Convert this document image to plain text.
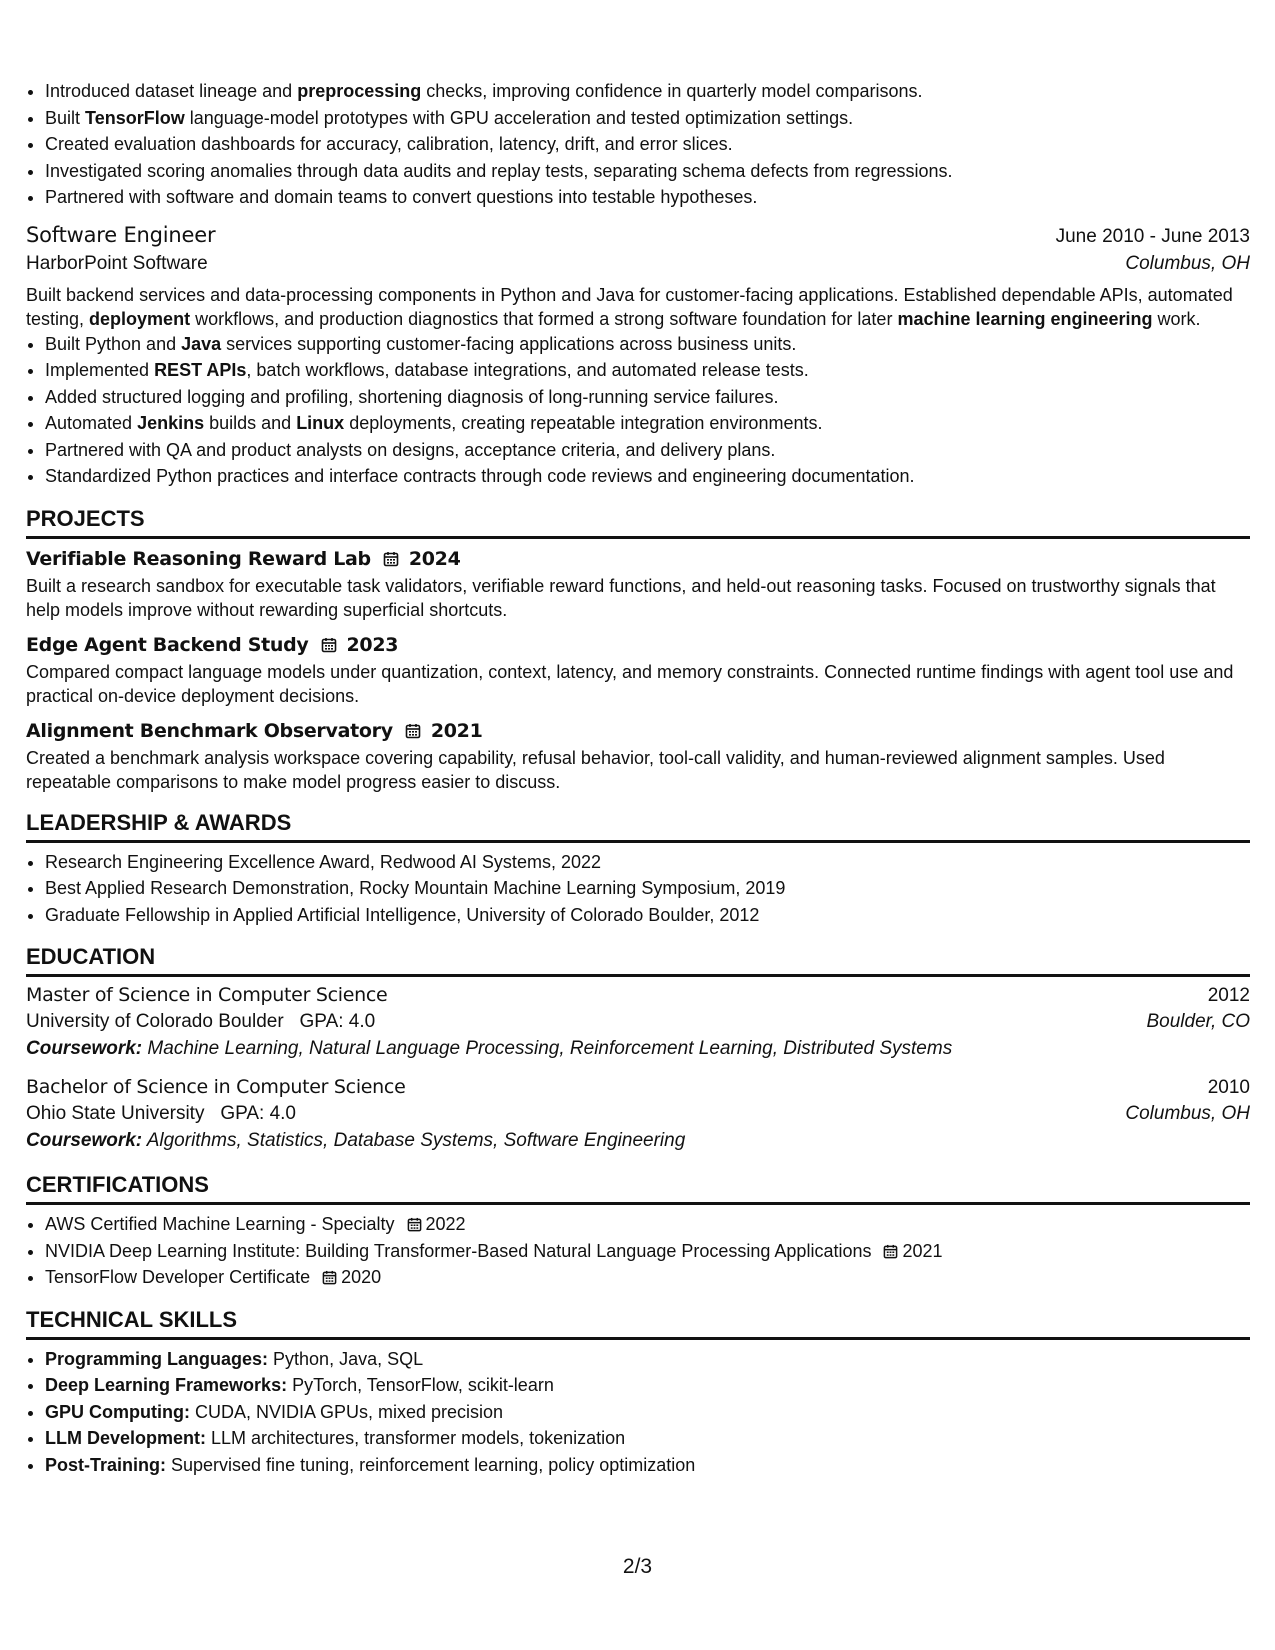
• Introduced dataset lineage and preprocessing checks, improving confidence in quarterly model comparisons.
• Built TensorFlow language-model prototypes with GPU acceleration and tested optimization settings.
• Created evaluation dashboards for accuracy, calibration, latency, drift, and error slices.
• Investigated scoring anomalies through data audits and replay tests, separating schema defects from regressions.
• Partnered with software and domain teams to convert questions into testable hypotheses.
Software Engineer	June 2010 - June 2013
HarborPoint Software	Columbus, OH
Built backend services and data-processing components in Python and Java for customer-facing applications. Established dependable APIs, automated testing, deployment workflows, and production diagnostics that formed a strong software foundation for later machine learning engineering work.
• Built Python and Java services supporting customer-facing applications across business units.
• Implemented REST APIs, batch workflows, database integrations, and automated release tests.
• Added structured logging and profiling, shortening diagnosis of long-running service failures.
• Automated Jenkins builds and Linux deployments, creating repeatable integration environments.
• Partnered with QA and product analysts on designs, acceptance criteria, and delivery plans.
• Standardized Python practices and interface contracts through code reviews and engineering documentation.
PROJECTS
Verifiable Reasoning Reward Lab 2024
Built a research sandbox for executable task validators, verifiable reward functions, and held-out reasoning tasks. Focused on trustworthy signals that help models improve without rewarding superficial shortcuts.
Edge Agent Backend Study 2023
Compared compact language models under quantization, context, latency, and memory constraints. Connected runtime findings with agent tool use and practical on-device deployment decisions.
Alignment Benchmark Observatory 2021
Created a benchmark analysis workspace covering capability, refusal behavior, tool-call validity, and human-reviewed alignment samples. Used repeatable comparisons to make model progress easier to discuss.
LEADERSHIP & AWARDS
• Research Engineering Excellence Award, Redwood AI Systems, 2022
• Best Applied Research Demonstration, Rocky Mountain Machine Learning Symposium, 2019
• Graduate Fellowship in Applied Artificial Intelligence, University of Colorado Boulder, 2012
EDUCATION
Master of Science in Computer Science	2012
University of Colorado Boulder GPA: 4.0	Boulder, CO
Coursework: Machine Learning, Natural Language Processing, Reinforcement Learning, Distributed Systems
Bachelor of Science in Computer Science	2010
Ohio State University GPA: 4.0	Columbus, OH
Coursework: Algorithms, Statistics, Database Systems, Software Engineering
CERTIFICATIONS
• AWS Certified Machine Learning - Specialty 2022
• NVIDIA Deep Learning Institute: Building Transformer-Based Natural Language Processing Applications 2021
• TensorFlow Developer Certificate 2020
TECHNICAL SKILLS
• Programming Languages: Python, Java, SQL
• Deep Learning Frameworks: PyTorch, TensorFlow, scikit-learn
• GPU Computing: CUDA, NVIDIA GPUs, mixed precision
• LLM Development: LLM architectures, transformer models, tokenization
• Post-Training: Supervised fine tuning, reinforcement learning, policy optimization
2/3
